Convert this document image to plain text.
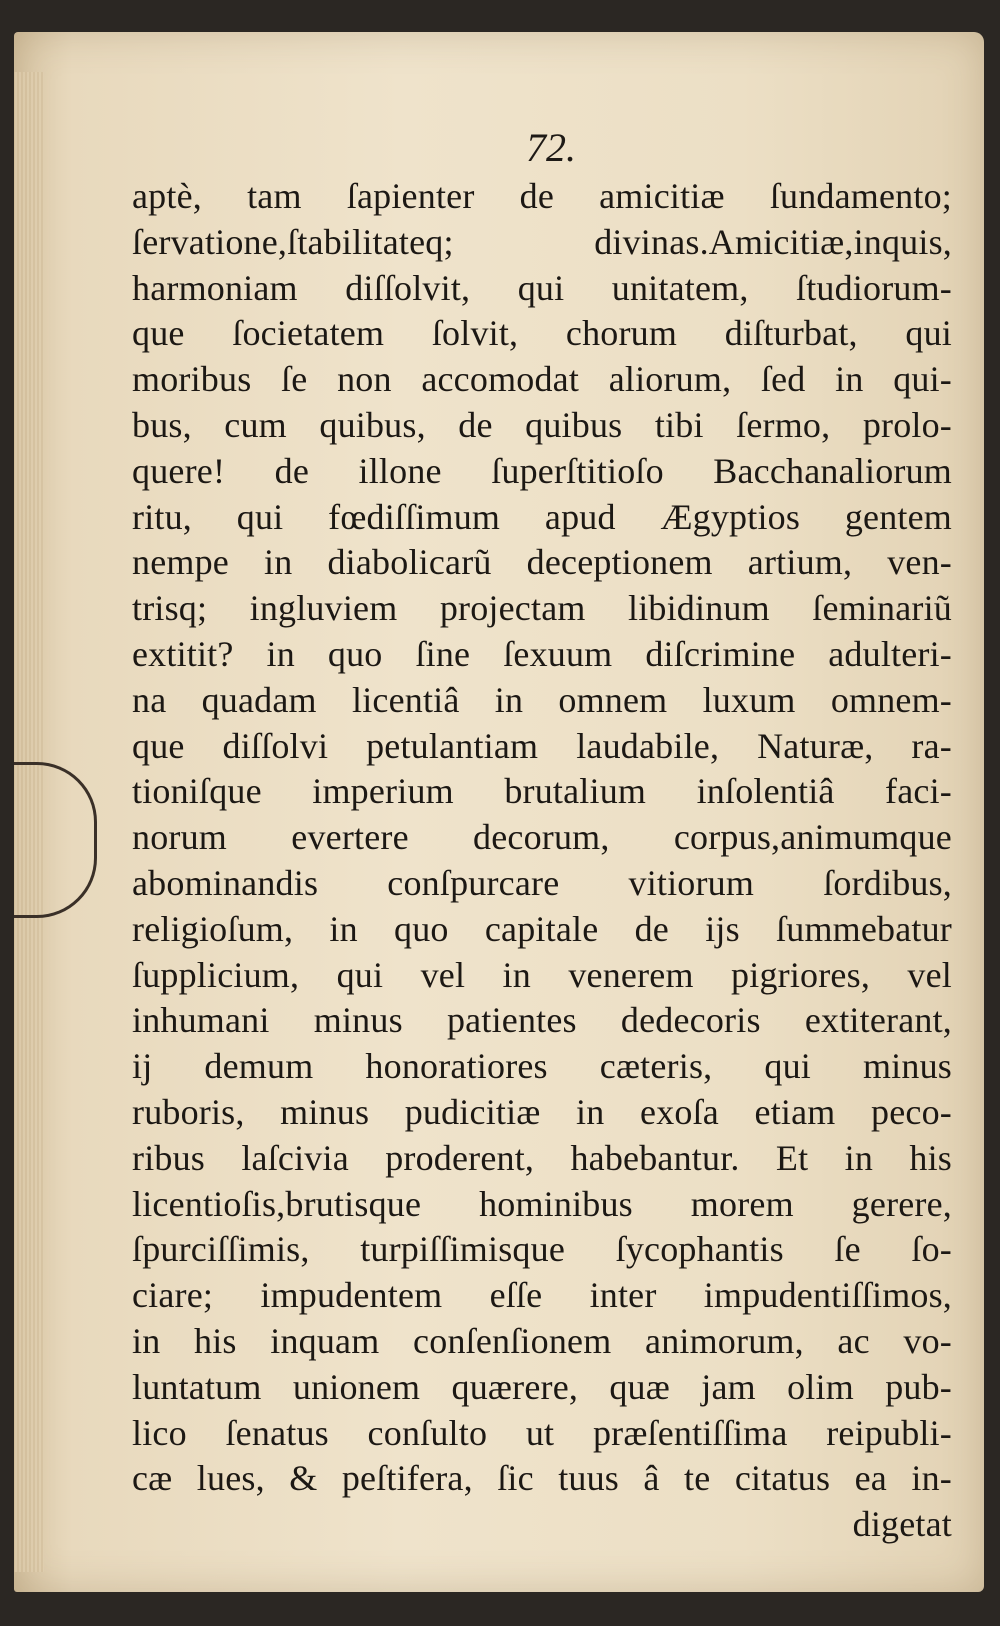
72.
aptè, tam ſapienter de amicitiæ ſundamento;
ſervatione,ſtabilitateq; divinas.Amicitiæ,inquis,
harmoniam diſſolvit, qui unitatem, ſtudiorum-
que ſocietatem ſolvit, chorum diſturbat, qui
moribus ſe non accomodat aliorum, ſed in qui-
bus, cum quibus, de quibus tibi ſermo, prolo-
quere! de illone ſuperſtitioſo Bacchanaliorum
ritu, qui fœdiſſimum apud Ægyptios gentem
nempe in diabolicarũ deceptionem artium, ven-
trisq; ingluviem projectam libidinum ſeminariũ
extitit? in quo ſine ſexuum diſcrimine adulteri-
na quadam licentiâ in omnem luxum omnem-
que diſſolvi petulantiam laudabile, Naturæ, ra-
tioniſque imperium brutalium inſolentiâ faci-
norum evertere decorum, corpus,animumque
abominandis conſpurcare vitiorum ſordibus,
religioſum, in quo capitale de ijs ſummebatur
ſupplicium, qui vel in venerem pigriores, vel
inhumani minus patientes dedecoris extiterant,
ij demum honoratiores cæteris, qui minus
ruboris, minus pudicitiæ in exoſa etiam peco-
ribus laſcivia proderent, habebantur. Et in his
licentioſis,brutisque hominibus morem gerere,
ſpurciſſimis, turpiſſimisque ſycophantis ſe ſo-
ciare; impudentem eſſe inter impudentiſſimos,
in his inquam conſenſionem animorum, ac vo-
luntatum unionem quærere, quæ jam olim pub-
lico ſenatus conſulto ut præſentiſſima reipubli-
cæ lues, & peſtifera, ſic tuus â te citatus ea in-
digetat
